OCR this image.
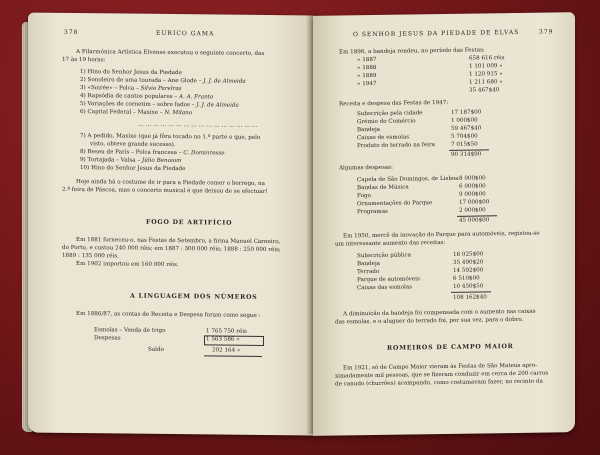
378	EURICO GAMA
A Filarmónica Artística Elvense executou o seguinte concerto, das
17 às 19 horas:
1) Hino do Senhor Jesus da Piedade
2) Sonoleiro de uma tourada – Ane Glode – J. J. de Almeida
3) «Soirée» – Polca – Silvio Parelras
4) Rapsódia de cantos populares – A. A. Franto
5) Variações de cornetim – sobre fados – J. J. de Almeida
6) Capital Federal – Maxixe – N. Milano
…………………………………………
7) A pedido, Maxixe (que já fôra tocado no 1.º parte e que, pelo
visto, obteve grande sucesso).
8) Beseu de Paris – Polca francesa – C. Dominresse
9) Tortajada – Valsa – Júlio Benoiom
10) Hino do Senhor Jesus da Piedade
Hoje ainda há o costume de ir para a Piedade comer o borrego, na
2.ª feira de Páscoa, mas o concerto musical é que deixou de se efectuar!
FOGO DE ARTIFÍCIO
Em 1881 forneceu-o, nas Festas de Setembro, a firma Manuel Carneiro,
do Porto, e custou 240 000 réis; em 1887 : 300 000 réis; 1888 : 250 000 réis;
1889 : 135 000 réis.
Em 1902 importou em 160 000 réis.
A LINGUAGEM DOS NÚMEROS
Em 1886/87, as contas de Receita e Despesa foram como segue :
Esmolas – Venda de trigo	1 765 750 réis
Despesas	1 563 586 »
Saldo	202 164 »
O SENHOR JESUS DA PIEDADE DE ELVAS	379
Em 1896, a bandeja rendeu, no período das Festas:
» 1887	658 616 réis
» 1888	1 101 009 »
» 1889	1 120 915 »
» 1947	1 211 680 »
35 467$40
Receita e despesa das Festas de 1947:
Subscrição pela cidade	17 187$00
Grémio do Comércio	1 000$00
Bandeja	59 467$40
Caixas de esmolas	5 704$00
Produto do terrado na feira	7 015$50
90 314$90
Algumas despesas:
Capela de São Domingos, de Lisboa 8 000$00
Bandas de Música	6 000$00
Fogo	9 000$00
Ornamentações do Parque	17 000$00
Programas	2 000$00
45 000$00
Em 1950, mercê da inovação do Parque para automóveis, registou-se
um interessante aumento das receitas:
Subscrição pública	18 025$00
Bandeja	35 490$20
Terrado	14 592$00
Parque de automóveis	6 510$00
Caixas das esmolas	10 450$50
108 162$40
A diminuição da bandeja foi compensada com o aumento nas caixas
das esmolas, e o aluguer do terrado foi, por sua vez, para o dobro.
ROMEIROS DE CAMPO MAIOR
Em 1921, só de Campo Maior vieram às Festas de São Mateus apro-
ximadamente mil pessoas, que se fizeram conduzir em cerca de 200 carros
de canudo (churrões) acampando, como costumavam fazer, no recinto da
